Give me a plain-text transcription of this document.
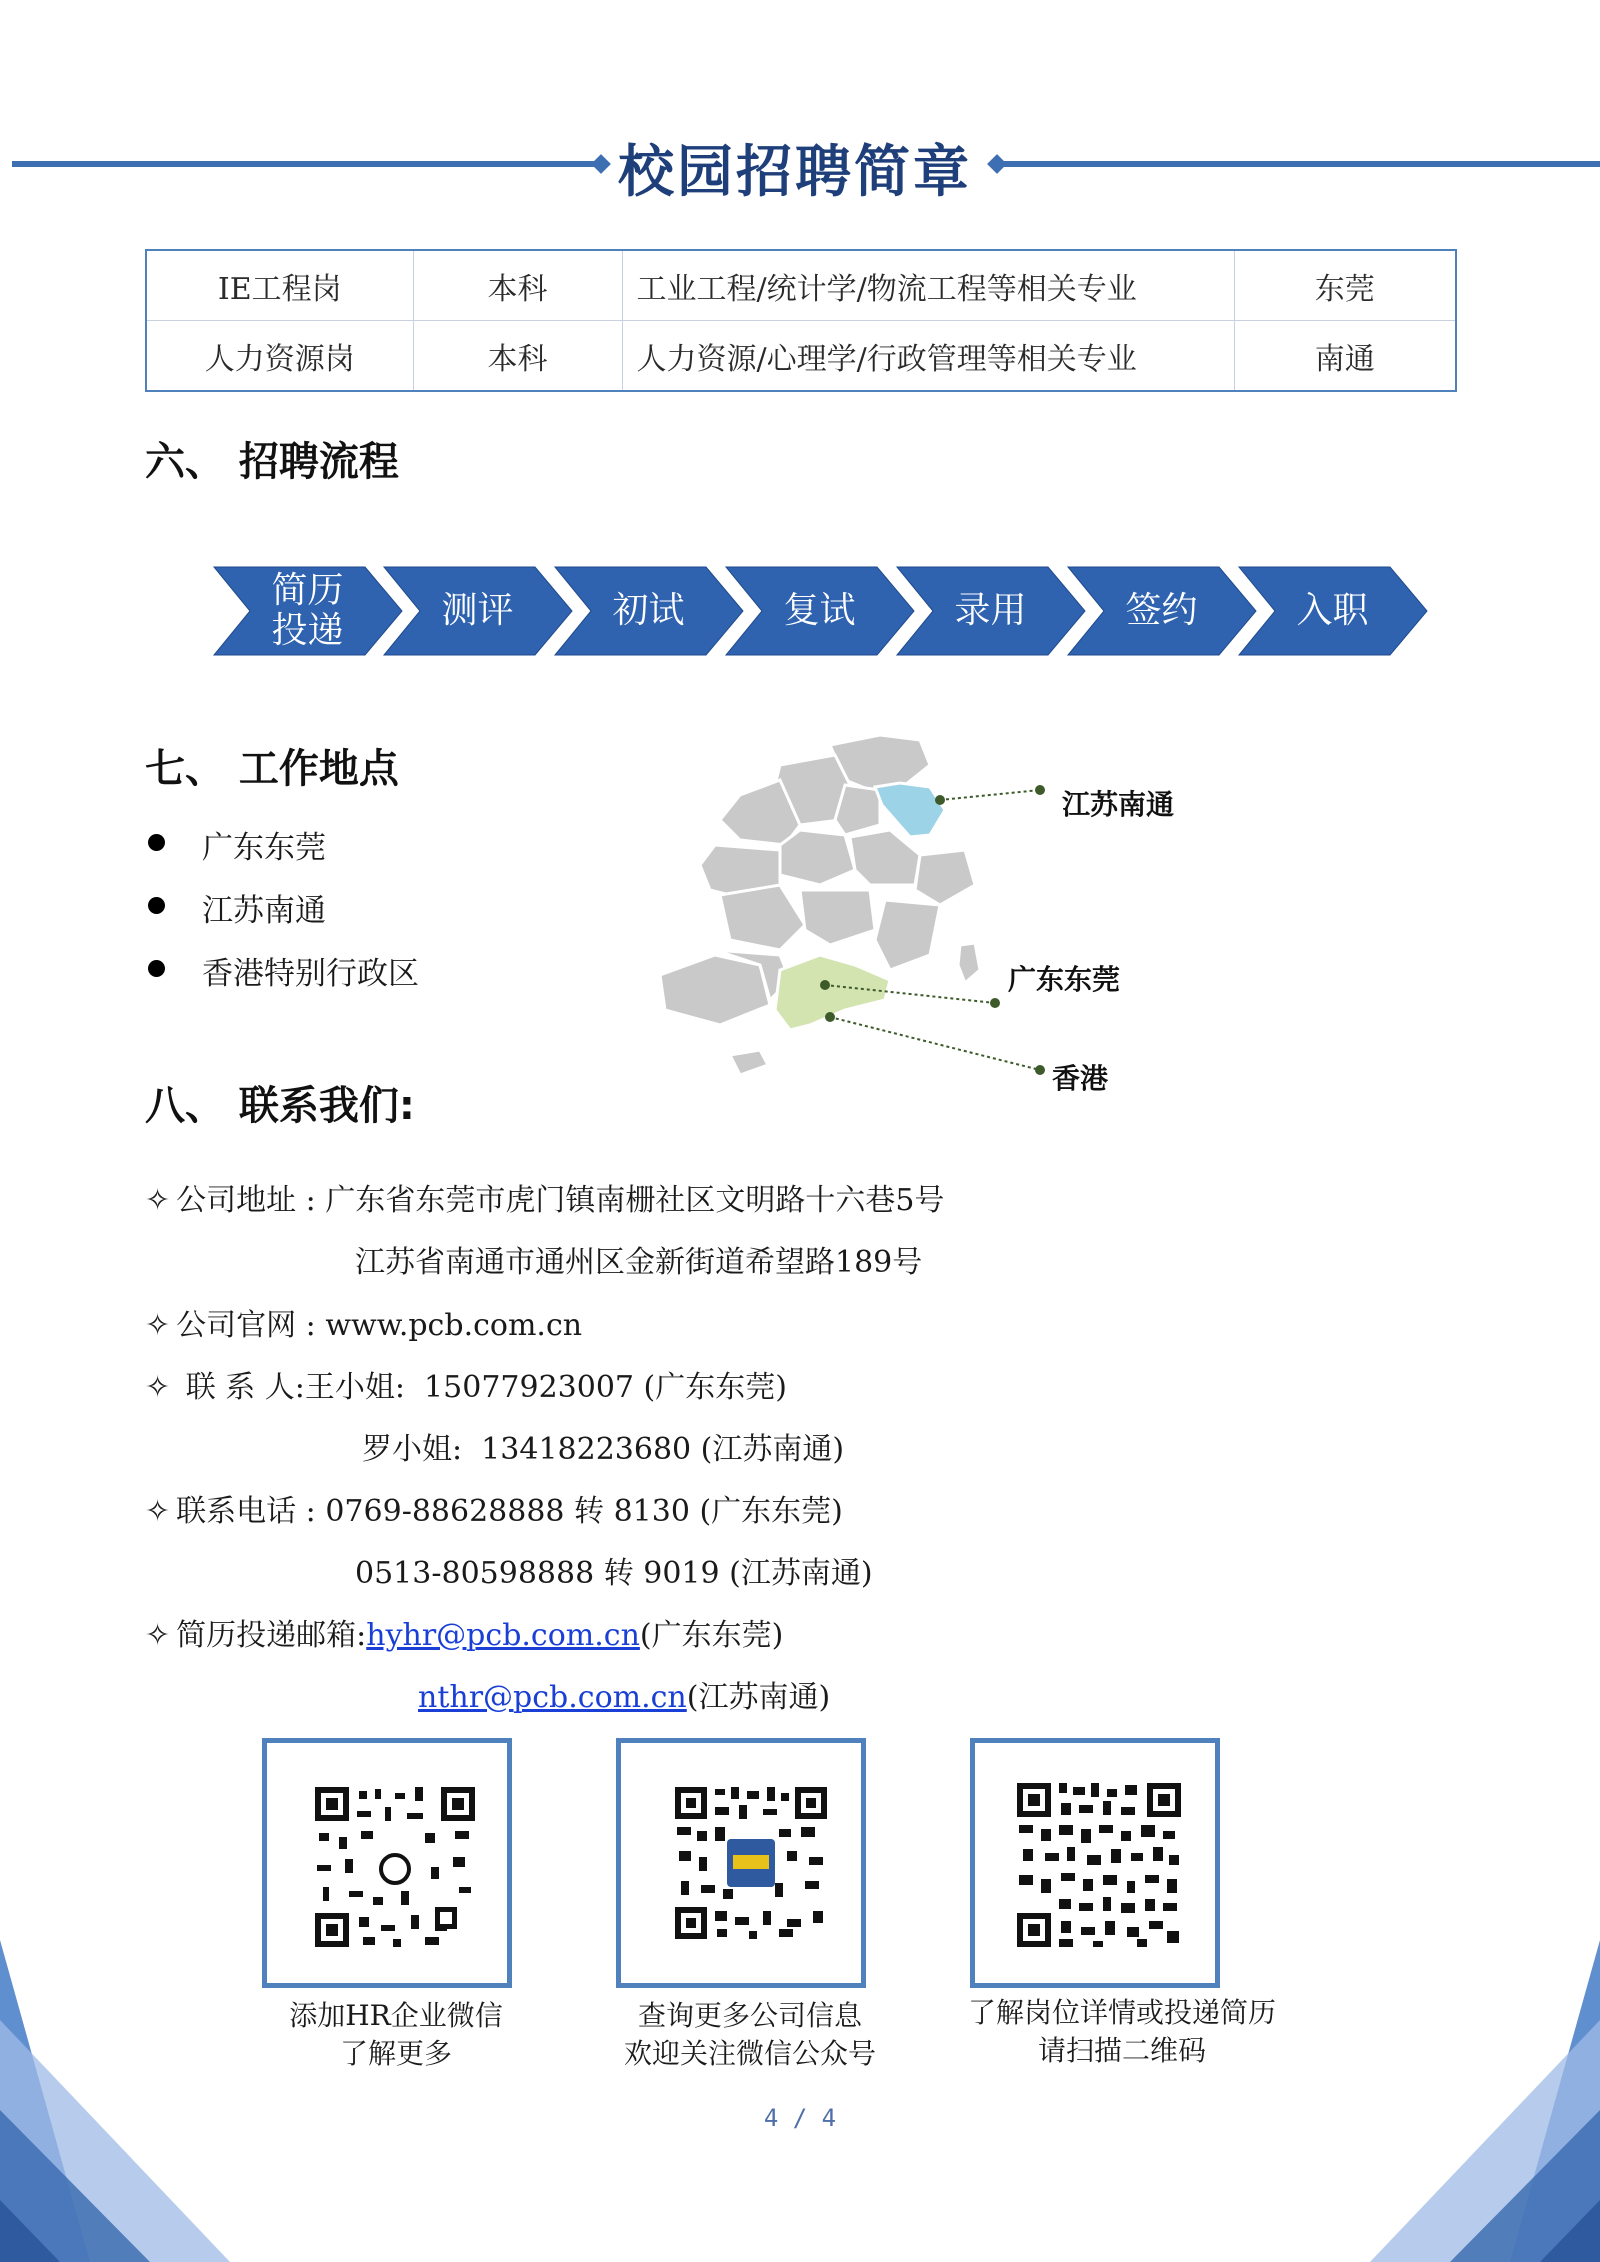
校园招聘简章
IE工程岗	本科	工业工程/统计学/物流工程等相关专业	东莞
人力资源岗	本科	人力资源/心理学/行政管理等相关专业	南通
六、 招聘流程
简历
投递	测评	初试	复试	录用	签约	入职
七、 工作地点
广东东莞
江苏南通
香港特别行政区
江苏南通
广东东莞
香港
八、 联系我们:
✧ 公司地址 : 广东省东莞市虎门镇南栅社区文明路十六巷5号
江苏省南通市通州区金新街道希望路189号
✧ 公司官网 : www.pcb.com.cn
✧ 联 系 人:王小姐:  15077923007 (广东东莞)
罗小姐:  13418223680 (江苏南通)
✧ 联系电话 : 0769-88628888 转 8130 (广东东莞)
0513-80598888 转 9019 (江苏南通)
✧ 简历投递邮箱:hyhr@pcb.com.cn(广东东莞)
nthr@pcb.com.cn(江苏南通)
添加HR企业微信
了解更多
查询更多公司信息
欢迎关注微信公众号
了解岗位详情或投递简历
请扫描二维码
4 / 4
